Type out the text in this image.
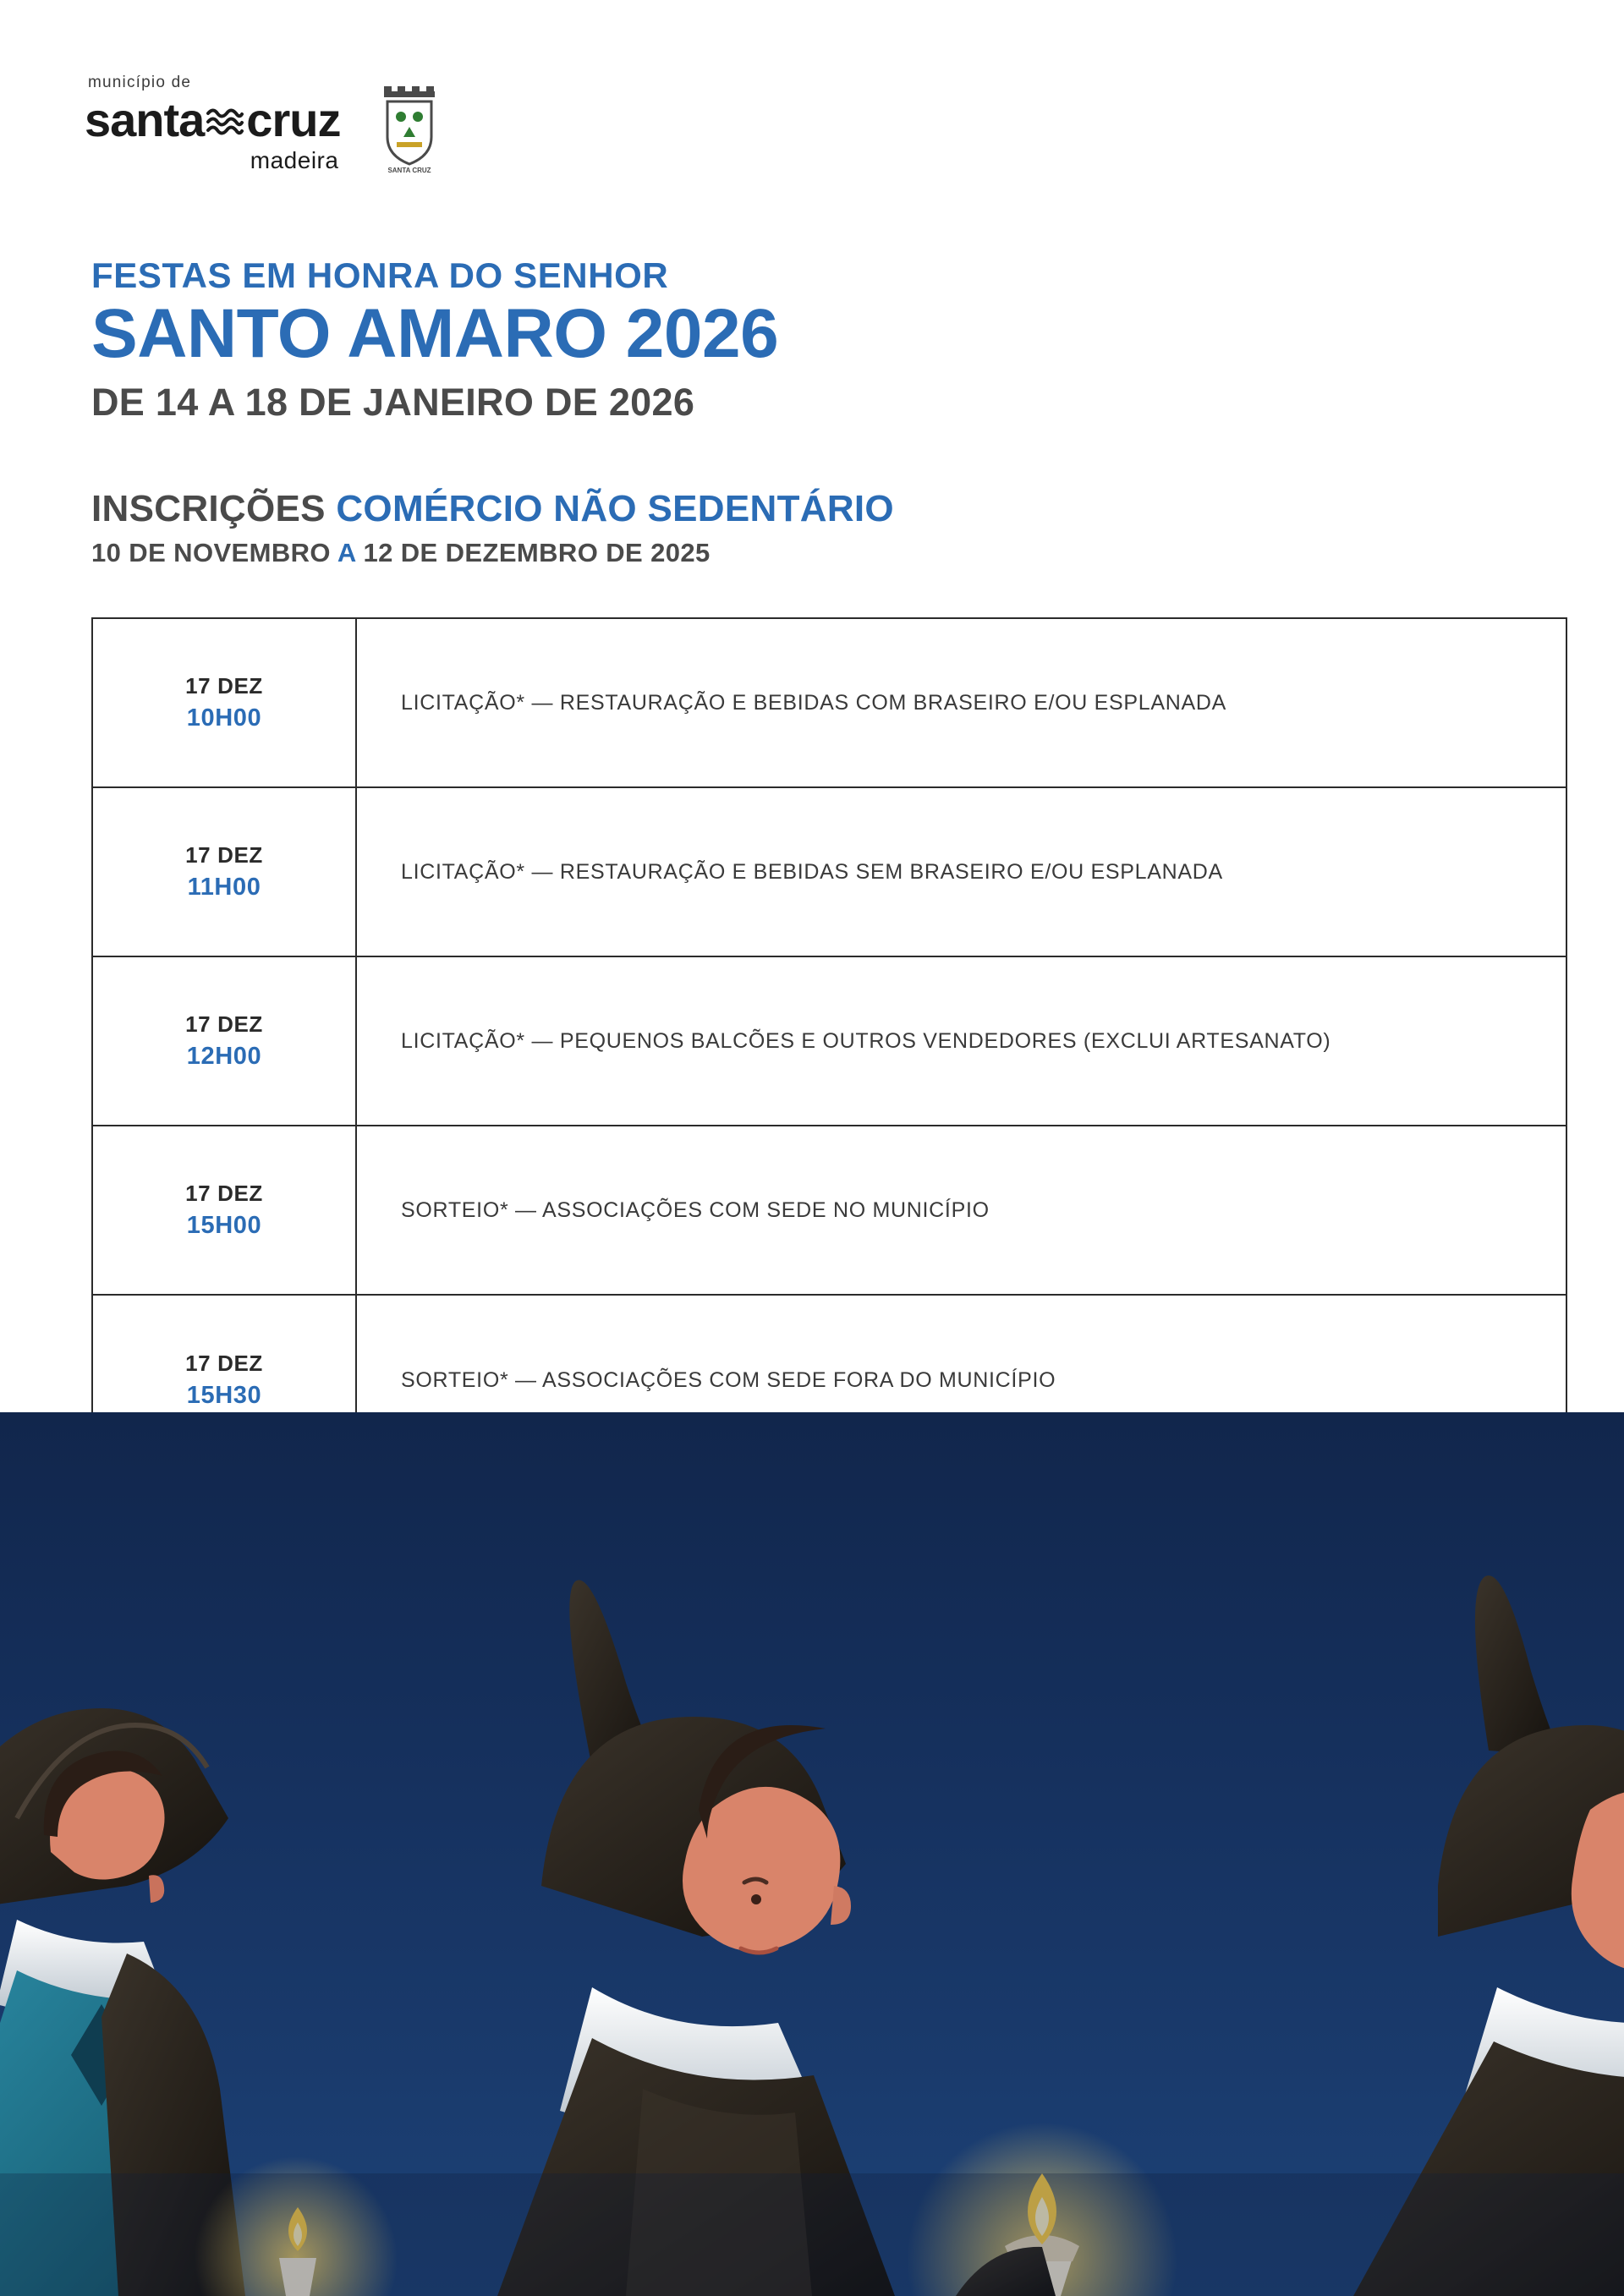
município de
santa cruz
madeira	SANTA CRUZ
FESTAS EM HONRA DO SENHOR
SANTO AMARO 2026
DE 14 A 18 DE JANEIRO DE 2026
INSCRIÇÕES COMÉRCIO NÃO SEDENTÁRIO
10 DE NOVEMBRO A 12 DE DEZEMBRO DE 2025
17 DEZ
10H00
LICITAÇÃO* — RESTAURAÇÃO E BEBIDAS COM BRASEIRO E/OU ESPLANADA
17 DEZ
11H00
LICITAÇÃO* — RESTAURAÇÃO E BEBIDAS SEM BRASEIRO E/OU ESPLANADA
17 DEZ
12H00
LICITAÇÃO* — PEQUENOS BALCÕES E OUTROS VENDEDORES (EXCLUI ARTESANATO)
17 DEZ
15H00
SORTEIO* — ASSOCIAÇÕES COM SEDE NO MUNICÍPIO
17 DEZ
15H30
SORTEIO* — ASSOCIAÇÕES COM SEDE FORA DO MUNICÍPIO
